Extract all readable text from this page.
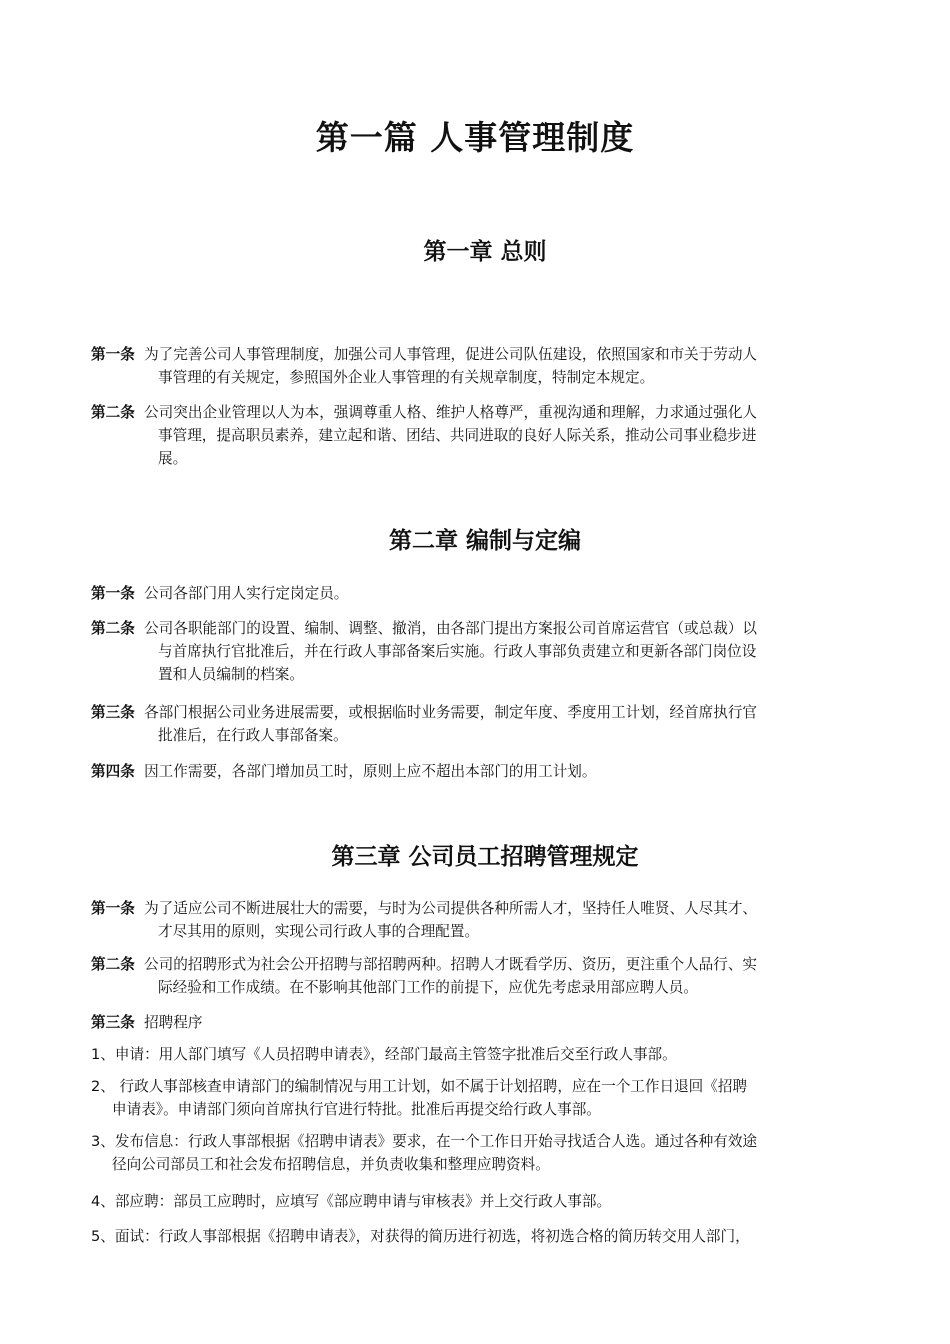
第一篇 人事管理制度
第一章 总则

第一条 为了完善公司人事管理制度，加强公司人事管理，促进公司队伍建设，依照国家和市关于劳动人
事管理的有关规定，参照国外企业人事管理的有关规章制度，特制定本规定。

第二条 公司突出企业管理以人为本，强调尊重人格、维护人格尊严，重视沟通和理解，力求通过强化人
事管理，提高职员素养，建立起和谐、团结、共同进取的良好人际关系，推动公司事业稳步进
展。

第二章 编制与定编

第一条 公司各部门用人实行定岗定员。

第二条 公司各职能部门的设置、编制、调整、撤消，由各部门提出方案报公司首席运营官（或总裁）以
与首席执行官批准后，并在行政人事部备案后实施。行政人事部负责建立和更新各部门岗位设
置和人员编制的档案。

第三条 各部门根据公司业务进展需要，或根据临时业务需要，制定年度、季度用工计划，经首席执行官
批准后，在行政人事部备案。

第四条 因工作需要，各部门增加员工时，原则上应不超出本部门的用工计划。

第三章 公司员工招聘管理规定

第一条 为了适应公司不断进展壮大的需要，与时为公司提供各种所需人才，坚持任人唯贤、人尽其才、
才尽其用的原则，实现公司行政人事的合理配置。

第二条 公司的招聘形式为社会公开招聘与部招聘两种。招聘人才既看学历、资历，更注重个人品行、实
际经验和工作成绩。在不影响其他部门工作的前提下，应优先考虑录用部应聘人员。

第三条 招聘程序

1、申请：用人部门填写《人员招聘申请表》，经部门最高主管签字批准后交至行政人事部。

2、 行政人事部核查申请部门的编制情况与用工计划，如不属于计划招聘，应在一个工作日退回《招聘
申请表》。申请部门须向首席执行官进行特批。批准后再提交给行政人事部。

3、发布信息：行政人事部根据《招聘申请表》要求，在一个工作日开始寻找适合人选。通过各种有效途
径向公司部员工和社会发布招聘信息，并负责收集和整理应聘资料。

4、部应聘：部员工应聘时，应填写《部应聘申请与审核表》并上交行政人事部。

5、面试：行政人事部根据《招聘申请表》，对获得的简历进行初选，将初选合格的简历转交用人部门，
